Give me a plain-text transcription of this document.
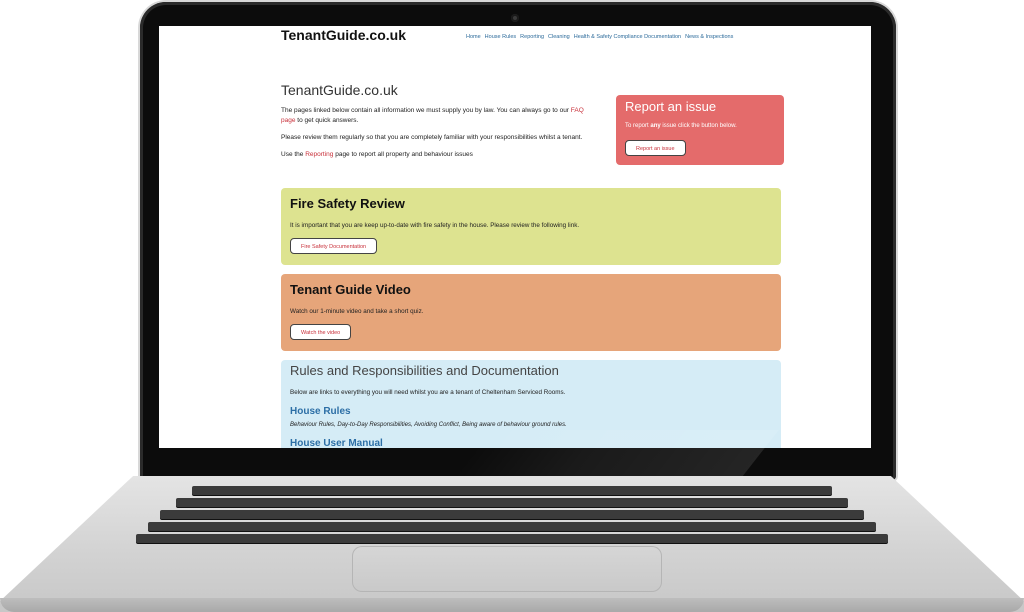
TenantGuide.co.uk	Home House Rules Reporting Cleaning Health & Safety Compliance Documentation News & Inspections
TenantGuide.co.uk

The pages linked below contain all information we must supply you by law. You can always go to our FAQ page to get quick answers.

Please review them regularly so that you are completely familiar with your responsibilities whilst a tenant.

Use the Reporting page to report all property and behaviour issues

Report an issue
To report any issue click the button below.
Report an issue
Fire Safety Review
It is important that you are keep up-to-date with fire safety in the house. Please review the following link.
Fire Safety Documentation
Tenant Guide Video
Watch our 1-minute video and take a short quiz.
Watch the video
Rules and Responsibilities and Documentation
Below are links to everything you will need whilst you are a tenant of Cheltenham Serviced Rooms.
House Rules
Behaviour Rules, Day-to-Day Responsibilities, Avoiding Conflict, Being aware of behaviour ground rules.
House User Manual
